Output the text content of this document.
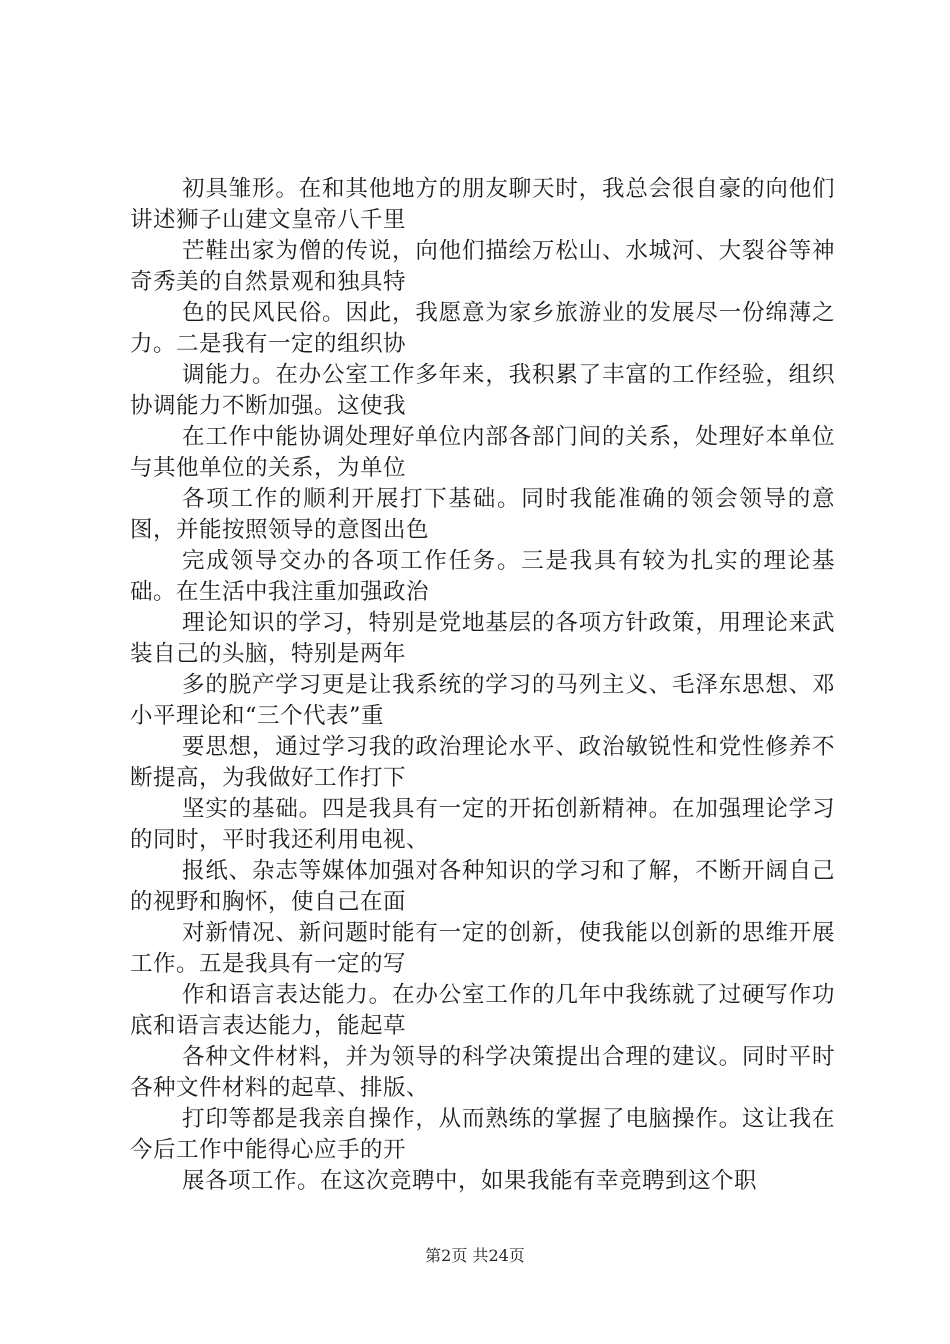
初具雏形。在和其他地方的朋友聊天时，我总会很自豪的向他们讲述狮子山建文皇帝八千里

芒鞋出家为僧的传说，向他们描绘万松山、水城河、大裂谷等神奇秀美的自然景观和独具特

色的民风民俗。因此，我愿意为家乡旅游业的发展尽一份绵薄之力。二是我有一定的组织协

调能力。在办公室工作多年来，我积累了丰富的工作经验，组织协调能力不断加强。这使我

在工作中能协调处理好单位内部各部门间的关系，处理好本单位与其他单位的关系，为单位

各项工作的顺利开展打下基础。同时我能准确的领会领导的意图，并能按照领导的意图出色

完成领导交办的各项工作任务。三是我具有较为扎实的理论基础。在生活中我注重加强政治

理论知识的学习，特别是党地基层的各项方针政策，用理论来武装自己的头脑，特别是两年

多的脱产学习更是让我系统的学习的马列主义、毛泽东思想、邓小平理论和“三个代表”重

要思想，通过学习我的政治理论水平、政治敏锐性和党性修养不断提高，为我做好工作打下

坚实的基础。四是我具有一定的开拓创新精神。在加强理论学习的同时，平时我还利用电视、

报纸、杂志等媒体加强对各种知识的学习和了解，不断开阔自己的视野和胸怀，使自己在面

对新情况、新问题时能有一定的创新，使我能以创新的思维开展工作。五是我具有一定的写

作和语言表达能力。在办公室工作的几年中我练就了过硬写作功底和语言表达能力，能起草

各种文件材料，并为领导的科学决策提出合理的建议。同时平时各种文件材料的起草、排版、

打印等都是我亲自操作，从而熟练的掌握了电脑操作。这让我在今后工作中能得心应手的开

展各项工作。在这次竞聘中，如果我能有幸竞聘到这个职

第2页 共24页
